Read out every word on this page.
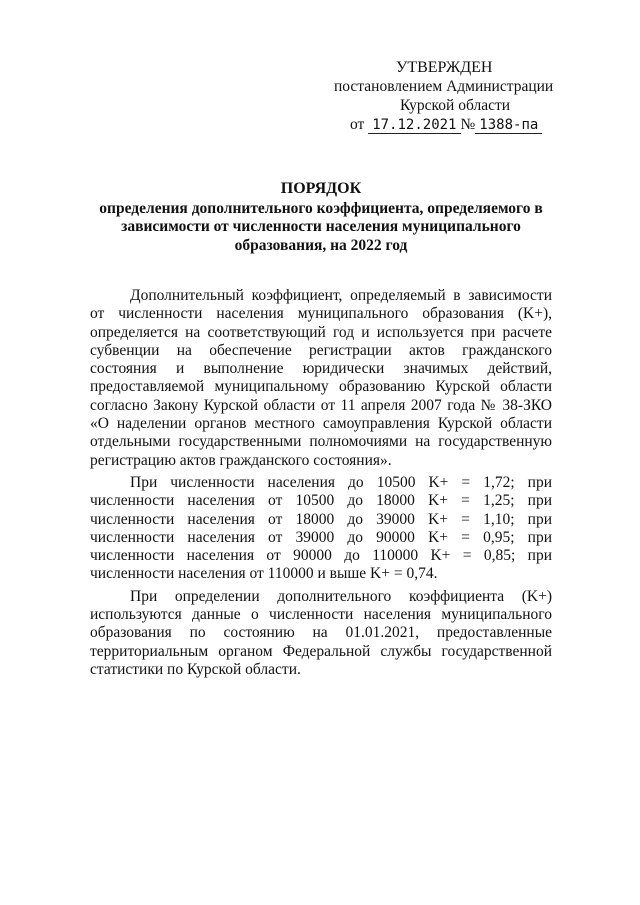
УТВЕРЖДЕН
постановлением Администрации
Курской области
от 17.12.2021 № 1388-па
ПОРЯДОК
определения дополнительного коэффициента, определяемого в зависимости от численности населения муниципального образования, на 2022 год

Дополнительный коэффициент, определяемый в зависимости от численности населения муниципального образования (K+), определяется на соответствующий год и используется при расчете субвенции на обеспечение регистрации актов гражданского состояния и выполнение юридически значимых действий, предоставляемой муниципальному образованию Курской области согласно Закону Курской области от 11 апреля 2007 года № 38-ЗКО «О наделении органов местного самоуправления Курской области отдельными государственными полномочиями на государственную регистрацию актов гражданского состояния».

При численности населения до 10500 K+ = 1,72; при численности населения от 10500 до 18000 K+ = 1,25; при численности населения от 18000 до 39000 K+ = 1,10; при численности населения от 39000 до 90000 K+ = 0,95; при численности населения от 90000 до 110000 K+ = 0,85; при численности населения от 110000 и выше K+ = 0,74.

При определении дополнительного коэффициента (K+) используются данные о численности населения муниципального образования по состоянию на 01.01.2021, предоставленные территориальным органом Федеральной службы государственной статистики по Курской области.
